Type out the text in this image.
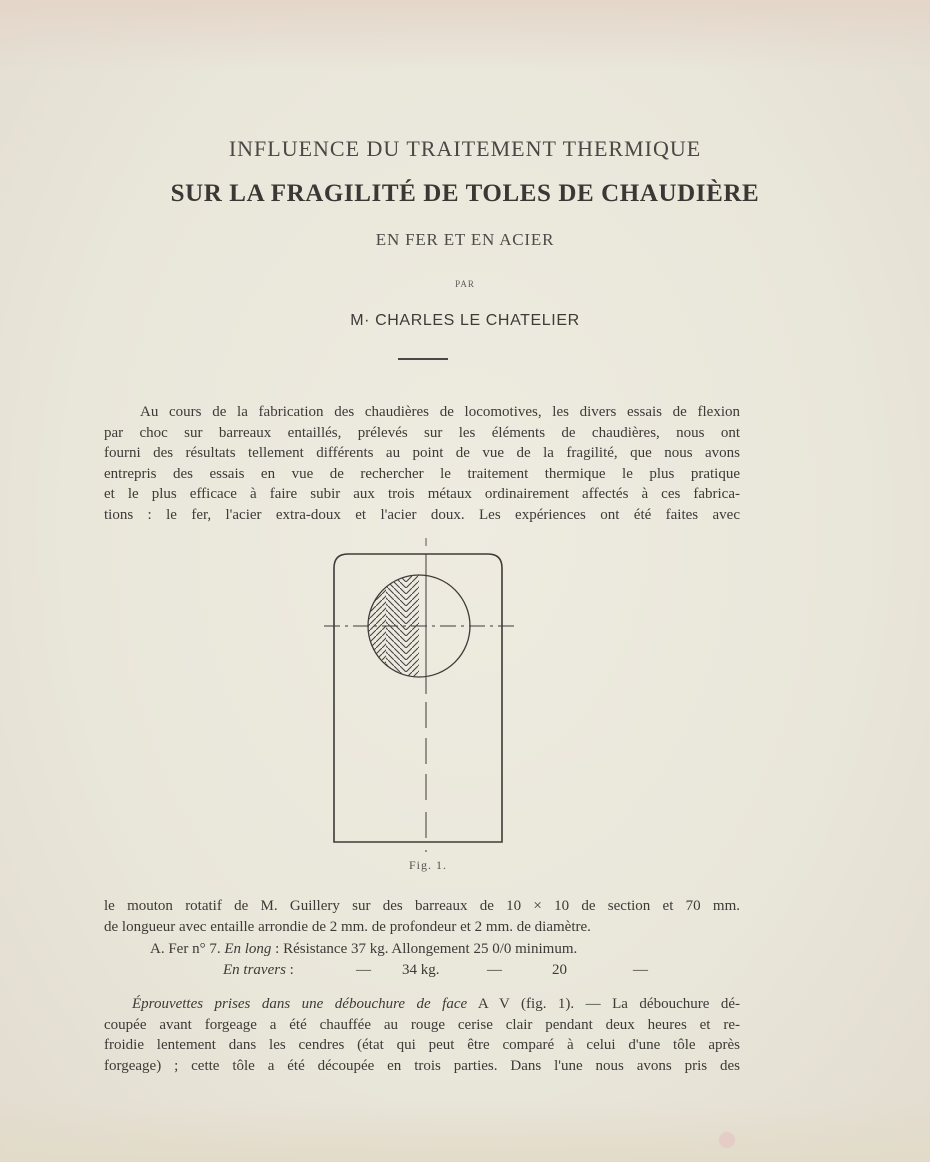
INFLUENCE DU TRAITEMENT THERMIQUE
SUR LA FRAGILITÉ DE TOLES DE CHAUDIÈRE
EN FER ET EN ACIER
PAR
M· CHARLES LE CHATELIER
Au cours de la fabrication des chaudières de locomotives, les divers essais de flexion
par choc sur barreaux entaillés, prélevés sur les éléments de chaudières, nous ont
fourni des résultats tellement différents au point de vue de la fragilité, que nous avons
entrepris des essais en vue de rechercher le traitement thermique le plus pratique
et le plus efficace à faire subir aux trois métaux ordinairement affectés à ces fabrica-
tions : le fer, l'acier extra-doux et l'acier doux. Les expériences ont été faites avec
Fig. 1.
le mouton rotatif de M. Guillery sur des barreaux de 10 × 10 de section et 70 mm.
de longueur avec entaille arrondie de 2 mm. de profondeur et 2 mm. de diamètre.
A. Fer n° 7. En long : Résistance 37 kg. Allongement 25 0/0 minimum.
En travers :	— 34 kg.	—	20	—
Éprouvettes prises dans une débouchure de face A V (fig. 1). — La débouchure dé-
coupée avant forgeage a été chauffée au rouge cerise clair pendant deux heures et re-
froidie lentement dans les cendres (état qui peut être comparé à celui d'une tôle après
forgeage) ; cette tôle a été découpée en trois parties. Dans l'une nous avons pris des
